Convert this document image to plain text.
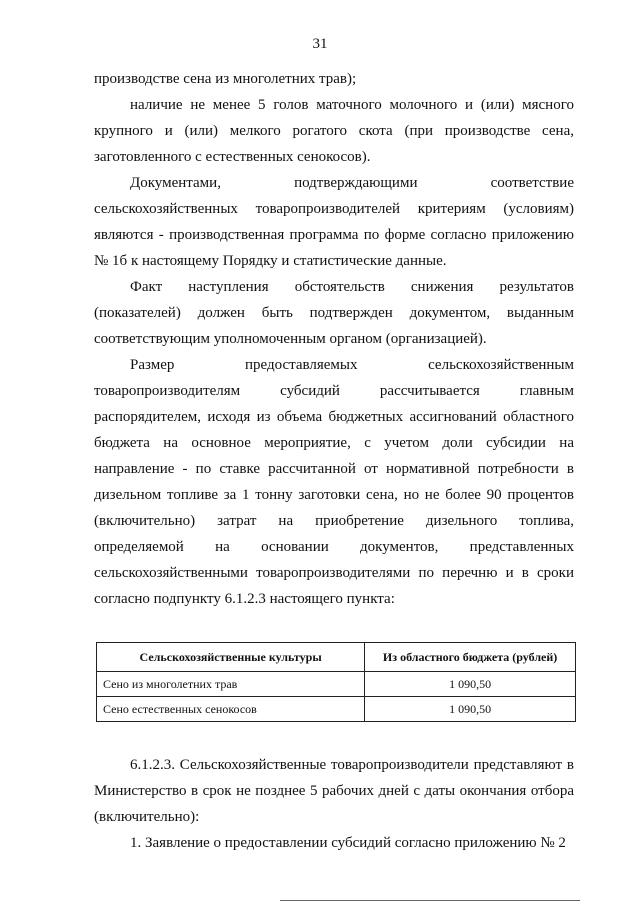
31

производстве сена из многолетних трав);

наличие не менее 5 голов маточного молочного и (или) мясного крупного и (или) мелкого рогатого скота (при производстве сена, заготовленного с естественных сенокосов).

Документами, подтверждающими соответствие сельскохозяйственных товаропроизводителей критериям (условиям) являются - производственная программа по форме согласно приложению № 1б к настоящему Порядку и статистические данные.

Факт наступления обстоятельств снижения результатов (показателей) должен быть подтвержден документом, выданным соответствующим уполномоченным органом (организацией).

Размер предоставляемых сельскохозяйственным товаропроизводителям субсидий рассчитывается главным распорядителем, исходя из объема бюджетных ассигнований областного бюджета на основное мероприятие, с учетом доли субсидии на направление - по ставке рассчитанной от нормативной потребности в дизельном топливе за 1 тонну заготовки сена, но не более 90 процентов (включительно) затрат на приобретение дизельного топлива, определяемой на основании документов, представленных сельскохозяйственными товаропроизводителями по перечню и в сроки согласно подпункту 6.1.2.3 настоящего пункта:

Сельскохозяйственные культуры	Из областного бюджета (рублей)
Сено из многолетних трав	1 090,50
Сено естественных сенокосов	1 090,50

6.1.2.3. Сельскохозяйственные товаропроизводители представляют в Министерство в срок не позднее 5 рабочих дней с даты окончания отбора (включительно):

1. Заявление о предоставлении субсидий согласно приложению № 2
